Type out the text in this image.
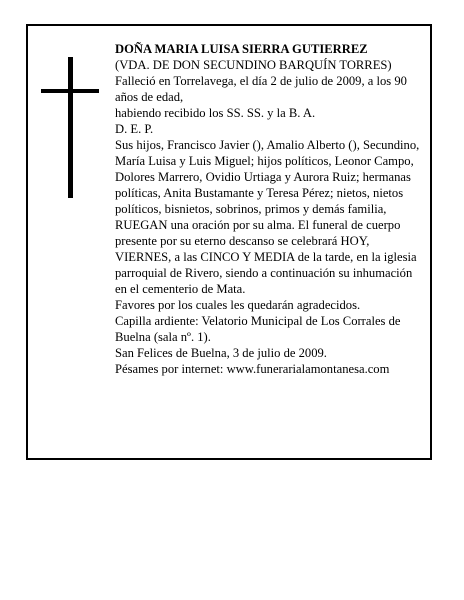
DOÑA MARIA LUISA SIERRA GUTIERREZ

(VDA. DE DON SECUNDINO BARQUÍN TORRES)

Falleció en Torrelavega, el día 2 de julio de 2009, a los 90 años de edad,

habiendo recibido los SS. SS. y la B. A.

D. E. P.

Sus hijos, Francisco Javier (), Amalio Alberto (), Secundino, María Luisa y Luis Miguel; hijos políticos, Leonor Campo, Dolores Marrero, Ovidio Urtiaga y Aurora Ruiz; hermanas políticas, Anita Bustamante y Teresa Pérez; nietos, nietos políticos, bisnietos, sobrinos, primos y demás familia,

RUEGAN una oración por su alma. El funeral de cuerpo presente por su eterno descanso se celebrará HOY, VIERNES, a las CINCO Y MEDIA de la tarde, en la iglesia parroquial de Rivero, siendo a continuación su inhumación en el cementerio de Mata.

Favores por los cuales les quedarán agradecidos.

Capilla ardiente: Velatorio Municipal de Los Corrales de Buelna (sala nº. 1).

San Felices de Buelna, 3 de julio de 2009.

Pésames por internet: www.funerarialamontanesa.com
